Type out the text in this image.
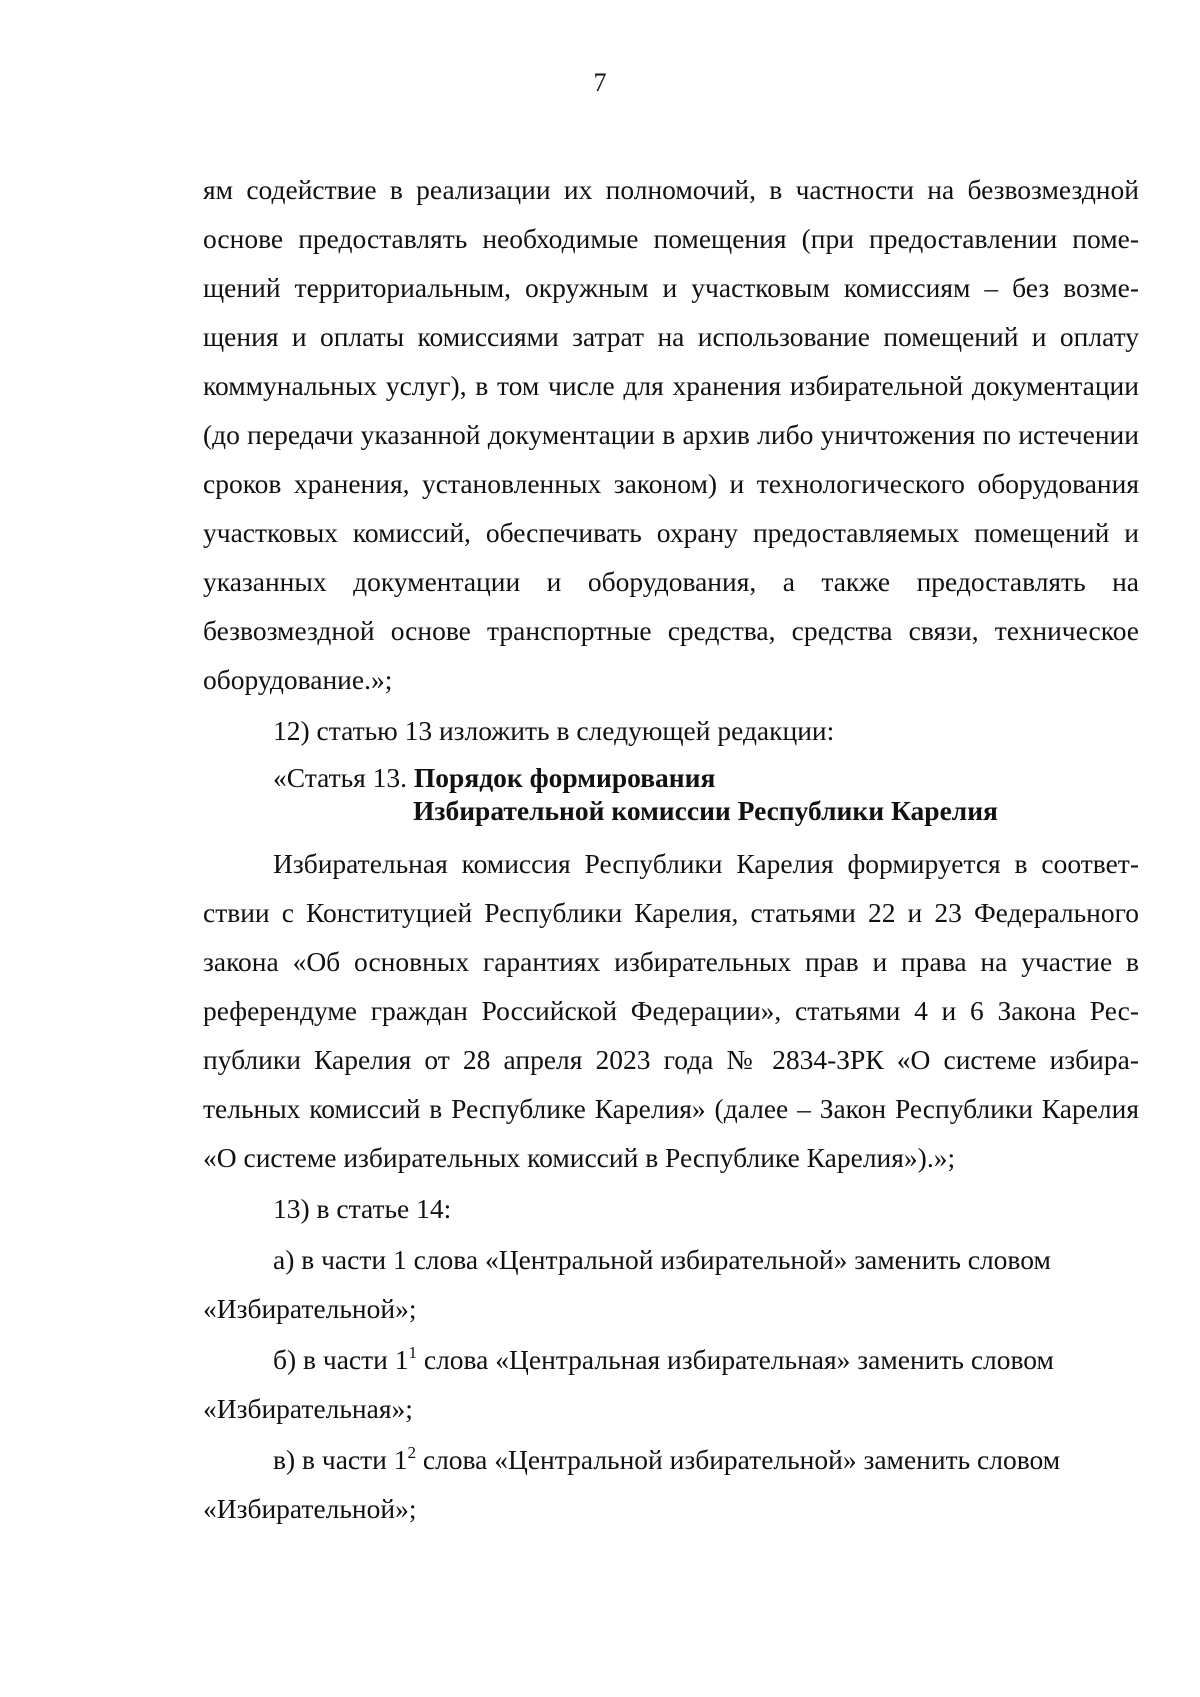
7

ям содействие в реализации их полномочий, в частности на безвозмездной основе предоставлять необходимые помещения (при предоставлении помещений территориальным, окружным и участковым комиссиям – без возмещения и оплаты комиссиями затрат на использование помещений и оплату коммунальных услуг), в том числе для хранения избирательной документации (до передачи указанной документации в архив либо уничтожения по истечении сроков хранения, установленных законом) и технологического оборудования участковых комиссий, обеспечивать охрану предоставляемых помещений и указанных документации и оборудования, а также предоставлять на безвозмездной основе транспортные средства, средства связи, техническое оборудование.»;

12) статью 13 изложить в следующей редакции:

«Статья 13. Порядок формирования
Избирательной комиссии Республики Карелия

Избирательная комиссия Республики Карелия формируется в соответствии с Конституцией Республики Карелия, статьями 22 и 23 Федерального закона «Об основных гарантиях избирательных прав и права на участие в референдуме граждан Российской Федерации», статьями 4 и 6 Закона Республики Карелия от 28 апреля 2023 года № 2834-ЗРК «О системе избирательных комиссий в Республике Карелия» (далее – Закон Республики Карелия «О системе избирательных комиссий в Республике Карелия»).»;

13) в статье 14:

а) в части 1 слова «Центральной избирательной» заменить словом

«Избирательной»;

б) в части $1^1$ слова «Центральная избирательная» заменить словом

«Избирательная»;

в) в части $1^2$ слова «Центральной избирательной» заменить словом

«Избирательной»;
